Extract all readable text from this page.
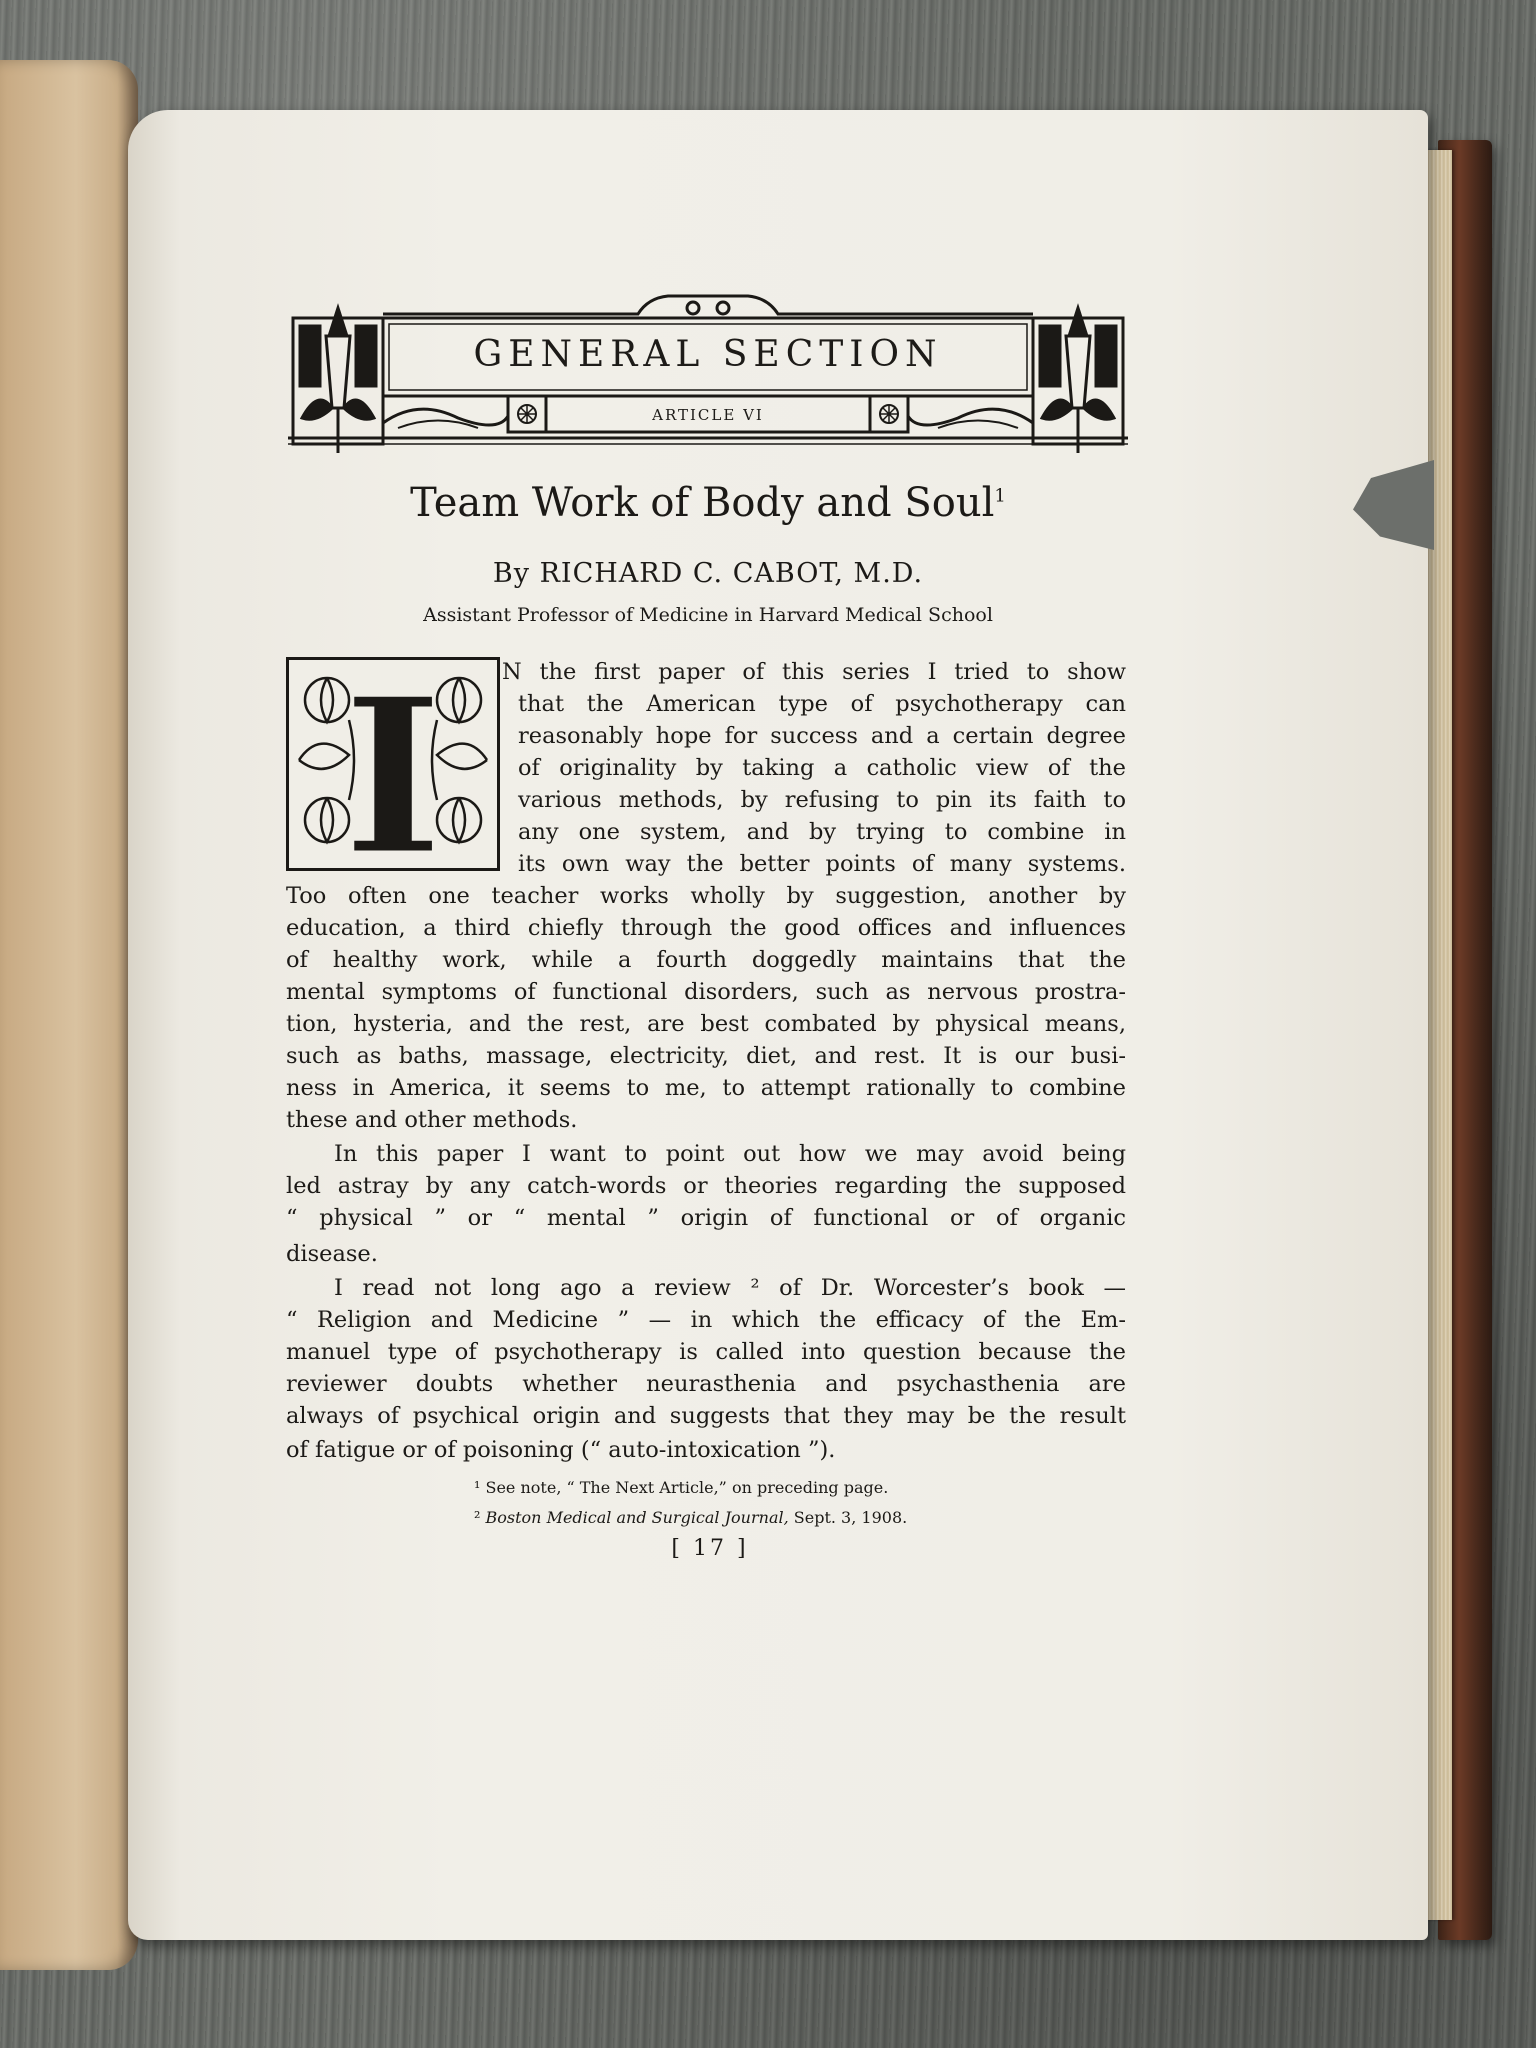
GENERAL SECTION
ARTICLE VI
Team Work of Body and Soul$^1$
By RICHARD C. CABOT, M.D.
Assistant Professor of Medicine in Harvard Medical School
I	N the first paper of this series I tried to show
that the American type of psychotherapy can
reasonably hope for success and a certain degree
of originality by taking a catholic view of the
various methods, by refusing to pin its faith to
any one system, and by trying to combine in
its own way the better points of many systems.
Too often one teacher works wholly by suggestion, another by
education, a third chiefly through the good offices and influences
of healthy work, while a fourth doggedly maintains that the
mental symptoms of functional disorders, such as nervous prostra-
tion, hysteria, and the rest, are best combated by physical means,
such as baths, massage, electricity, diet, and rest. It is our busi-
ness in America, it seems to me, to attempt rationally to combine
these and other methods.
In this paper I want to point out how we may avoid being
led astray by any catch-words or theories regarding the supposed
“ physical ” or “ mental ” origin of functional or of organic
disease.
I read not long ago a review ² of Dr. Worcester’s book —
“ Religion and Medicine ” — in which the efficacy of the Em-
manuel type of psychotherapy is called into question because the
reviewer doubts whether neurasthenia and psychasthenia are
always of psychical origin and suggests that they may be the result
of fatigue or of poisoning (“ auto-intoxication ”).
¹ See note, “ The Next Article,” on preceding page.
² Boston Medical and Surgical Journal, Sept. 3, 1908.
[ 17 ]
